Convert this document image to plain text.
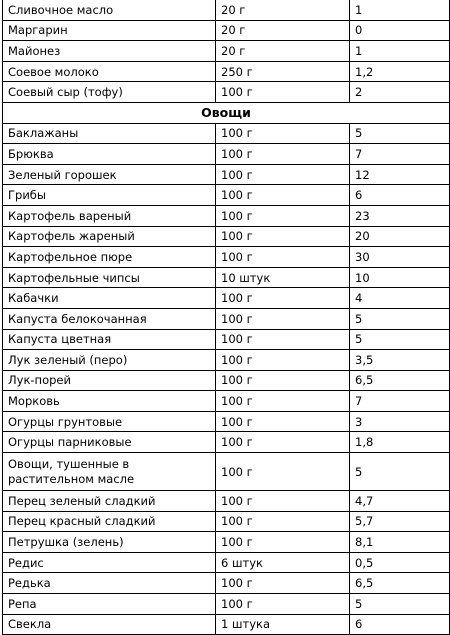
Сливочное масло	20 г	1
Маргарин	20 г	0
Майонез	20 г	1
Соевое молоко	250 г	1,2
Соевый сыр (тофу)	100 г	2
Овощи		
Баклажаны	100 г	5
Брюква	100 г	7
Зеленый горошек	100 г	12
Грибы	100 г	6
Картофель вареный	100 г	23
Картофель жареный	100 г	20
Картофельное пюре	100 г	30
Картофельные чипсы	10 штук	10
Кабачки	100 г	4
Капуста белокочанная	100 г	5
Капуста цветная	100 г	5
Лук зеленый (перо)	100 г	3,5
Лук-порей	100 г	6,5
Морковь	100 г	7
Огурцы грунтовые	100 г	3
Огурцы парниковые	100 г	1,8
Овощи, тушенные в растительном масле	100 г	5
Перец зеленый сладкий	100 г	4,7
Перец красный сладкий	100 г	5,7
Петрушка (зелень)	100 г	8,1
Редис	6 штук	0,5
Редька	100 г	6,5
Репа	100 г	5
Свекла	1 штука	6
